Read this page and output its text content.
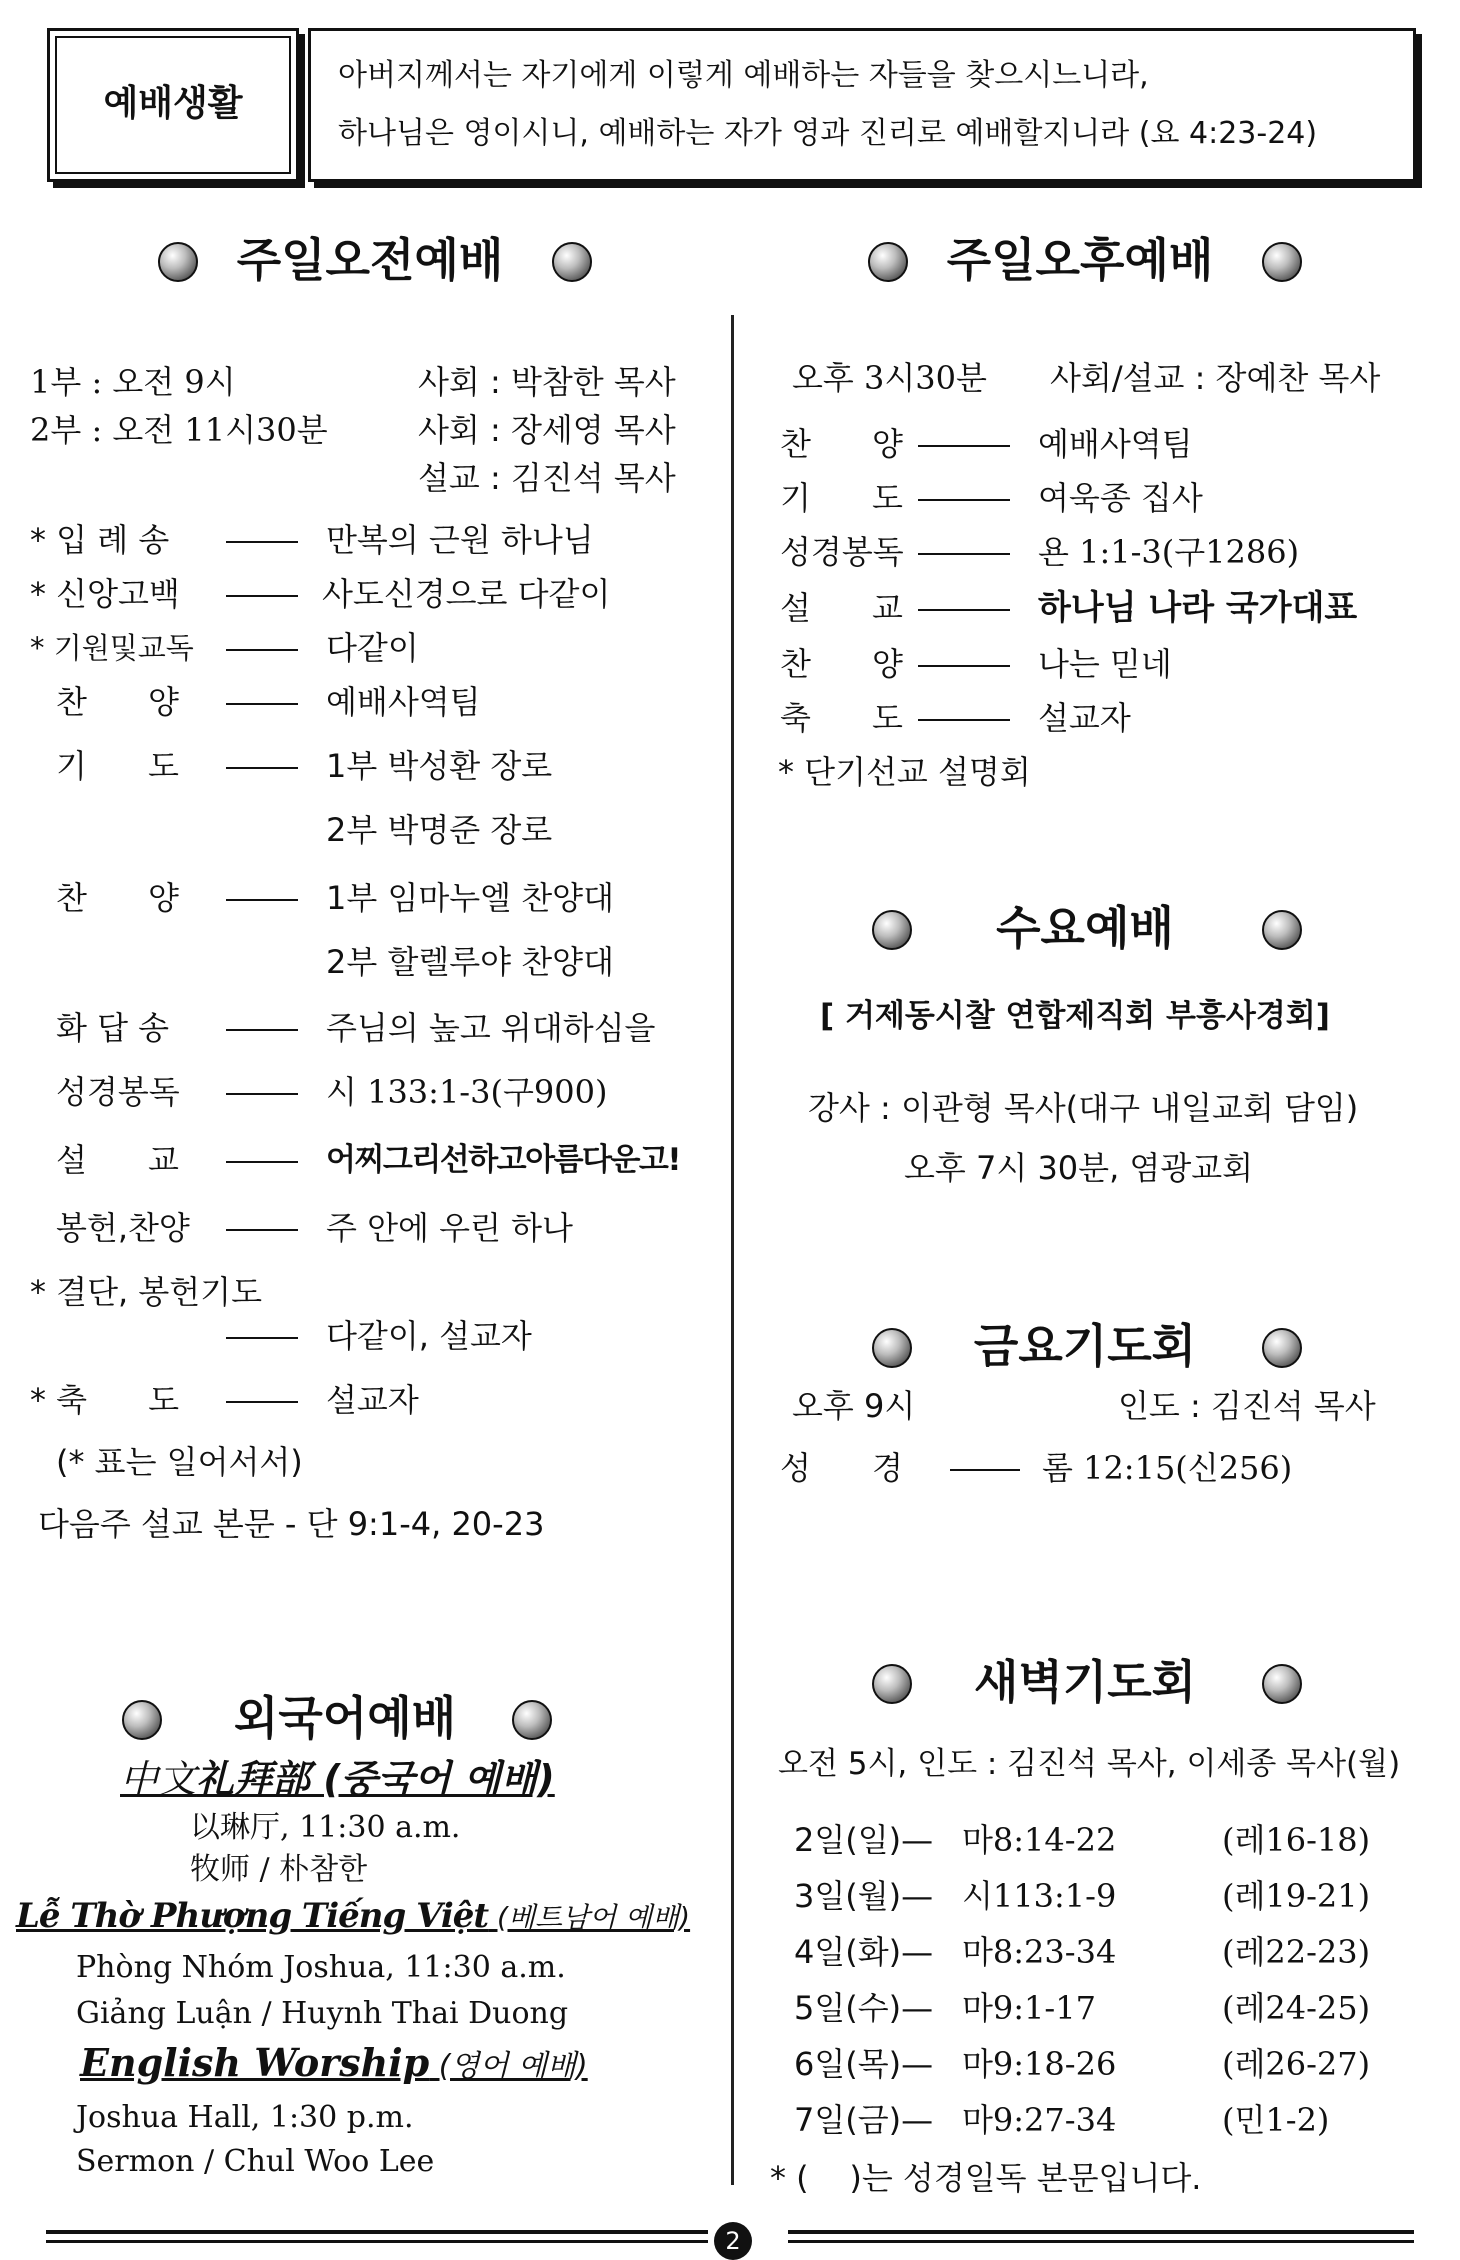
예배생활
아버지께서는 자기에게 이렇게 예배하는 자들을 찾으시느니라,
하나님은 영이시니, 예배하는 자가 영과 진리로 예배할지니라 (요 4:23-24)
주일오전예배
1부 : 오전 9시	사회 : 박참한 목사
2부 : 오전 11시30분	사회 : 장세영 목사
설교 : 김진석 목사
* 입 례 송	만복의 근원 하나님
* 신앙고백	사도신경으로 다같이
* 기원및교독	다같이
찬      양	예배사역팀
기      도	1부 박성환 장로
2부 박명준 장로
찬      양	1부 임마누엘 찬양대
2부 할렐루야 찬양대
화 답 송	주님의 높고 위대하심을
성경봉독	시 133:1-3(구900)
설      교	어찌그리선하고아름다운고!
봉헌,찬양	주 안에 우린 하나
* 결단, 봉헌기도
다같이, 설교자
* 축      도	설교자
(* 표는 일어서서)
다음주 설교 본문 - 단 9:1-4, 20-23
외국어예배
中文礼拜部 (중국어 예배)
以琳厅, 11:30 a.m.
牧师 / 朴참한
Lễ Thờ Phượng Tiếng Việt (베트남어 예배)
Phòng Nhóm Joshua, 11:30 a.m.
Giảng Luận / Huynh Thai Duong
English Worship (영어 예배)
Joshua Hall, 1:30 p.m.
Sermon / Chul Woo Lee
주일오후예배
오후 3시30분 사회/설교 : 장예찬 목사
찬      양	예배사역팀
기      도	여욱종 집사
성경봉독	욘 1:1-3(구1286)
설      교	하나님 나라 국가대표
찬      양	나는 믿네
축      도	설교자
* 단기선교 설명회
수요예배
[ 거제동시찰 연합제직회 부흥사경회]
강사 : 이관형 목사(대구 내일교회 담임)
오후 7시 30분, 염광교회
금요기도회
오후 9시	인도 : 김진석 목사
성      경	롬 12:15(신256)
새벽기도회
오전 5시, 인도 : 김진석 목사, 이세종 목사(월)
2일(일)— 마8:14-22	(레16-18)
3일(월)— 시113:1-9	(레19-21)
4일(화)— 마8:23-34	(레22-23)
5일(수)— 마9:1-17	(레24-25)
6일(목)— 마9:18-26	(레26-27)
7일(금)— 마9:27-34	(민1-2)
* (    )는 성경일독 본문입니다.
2
